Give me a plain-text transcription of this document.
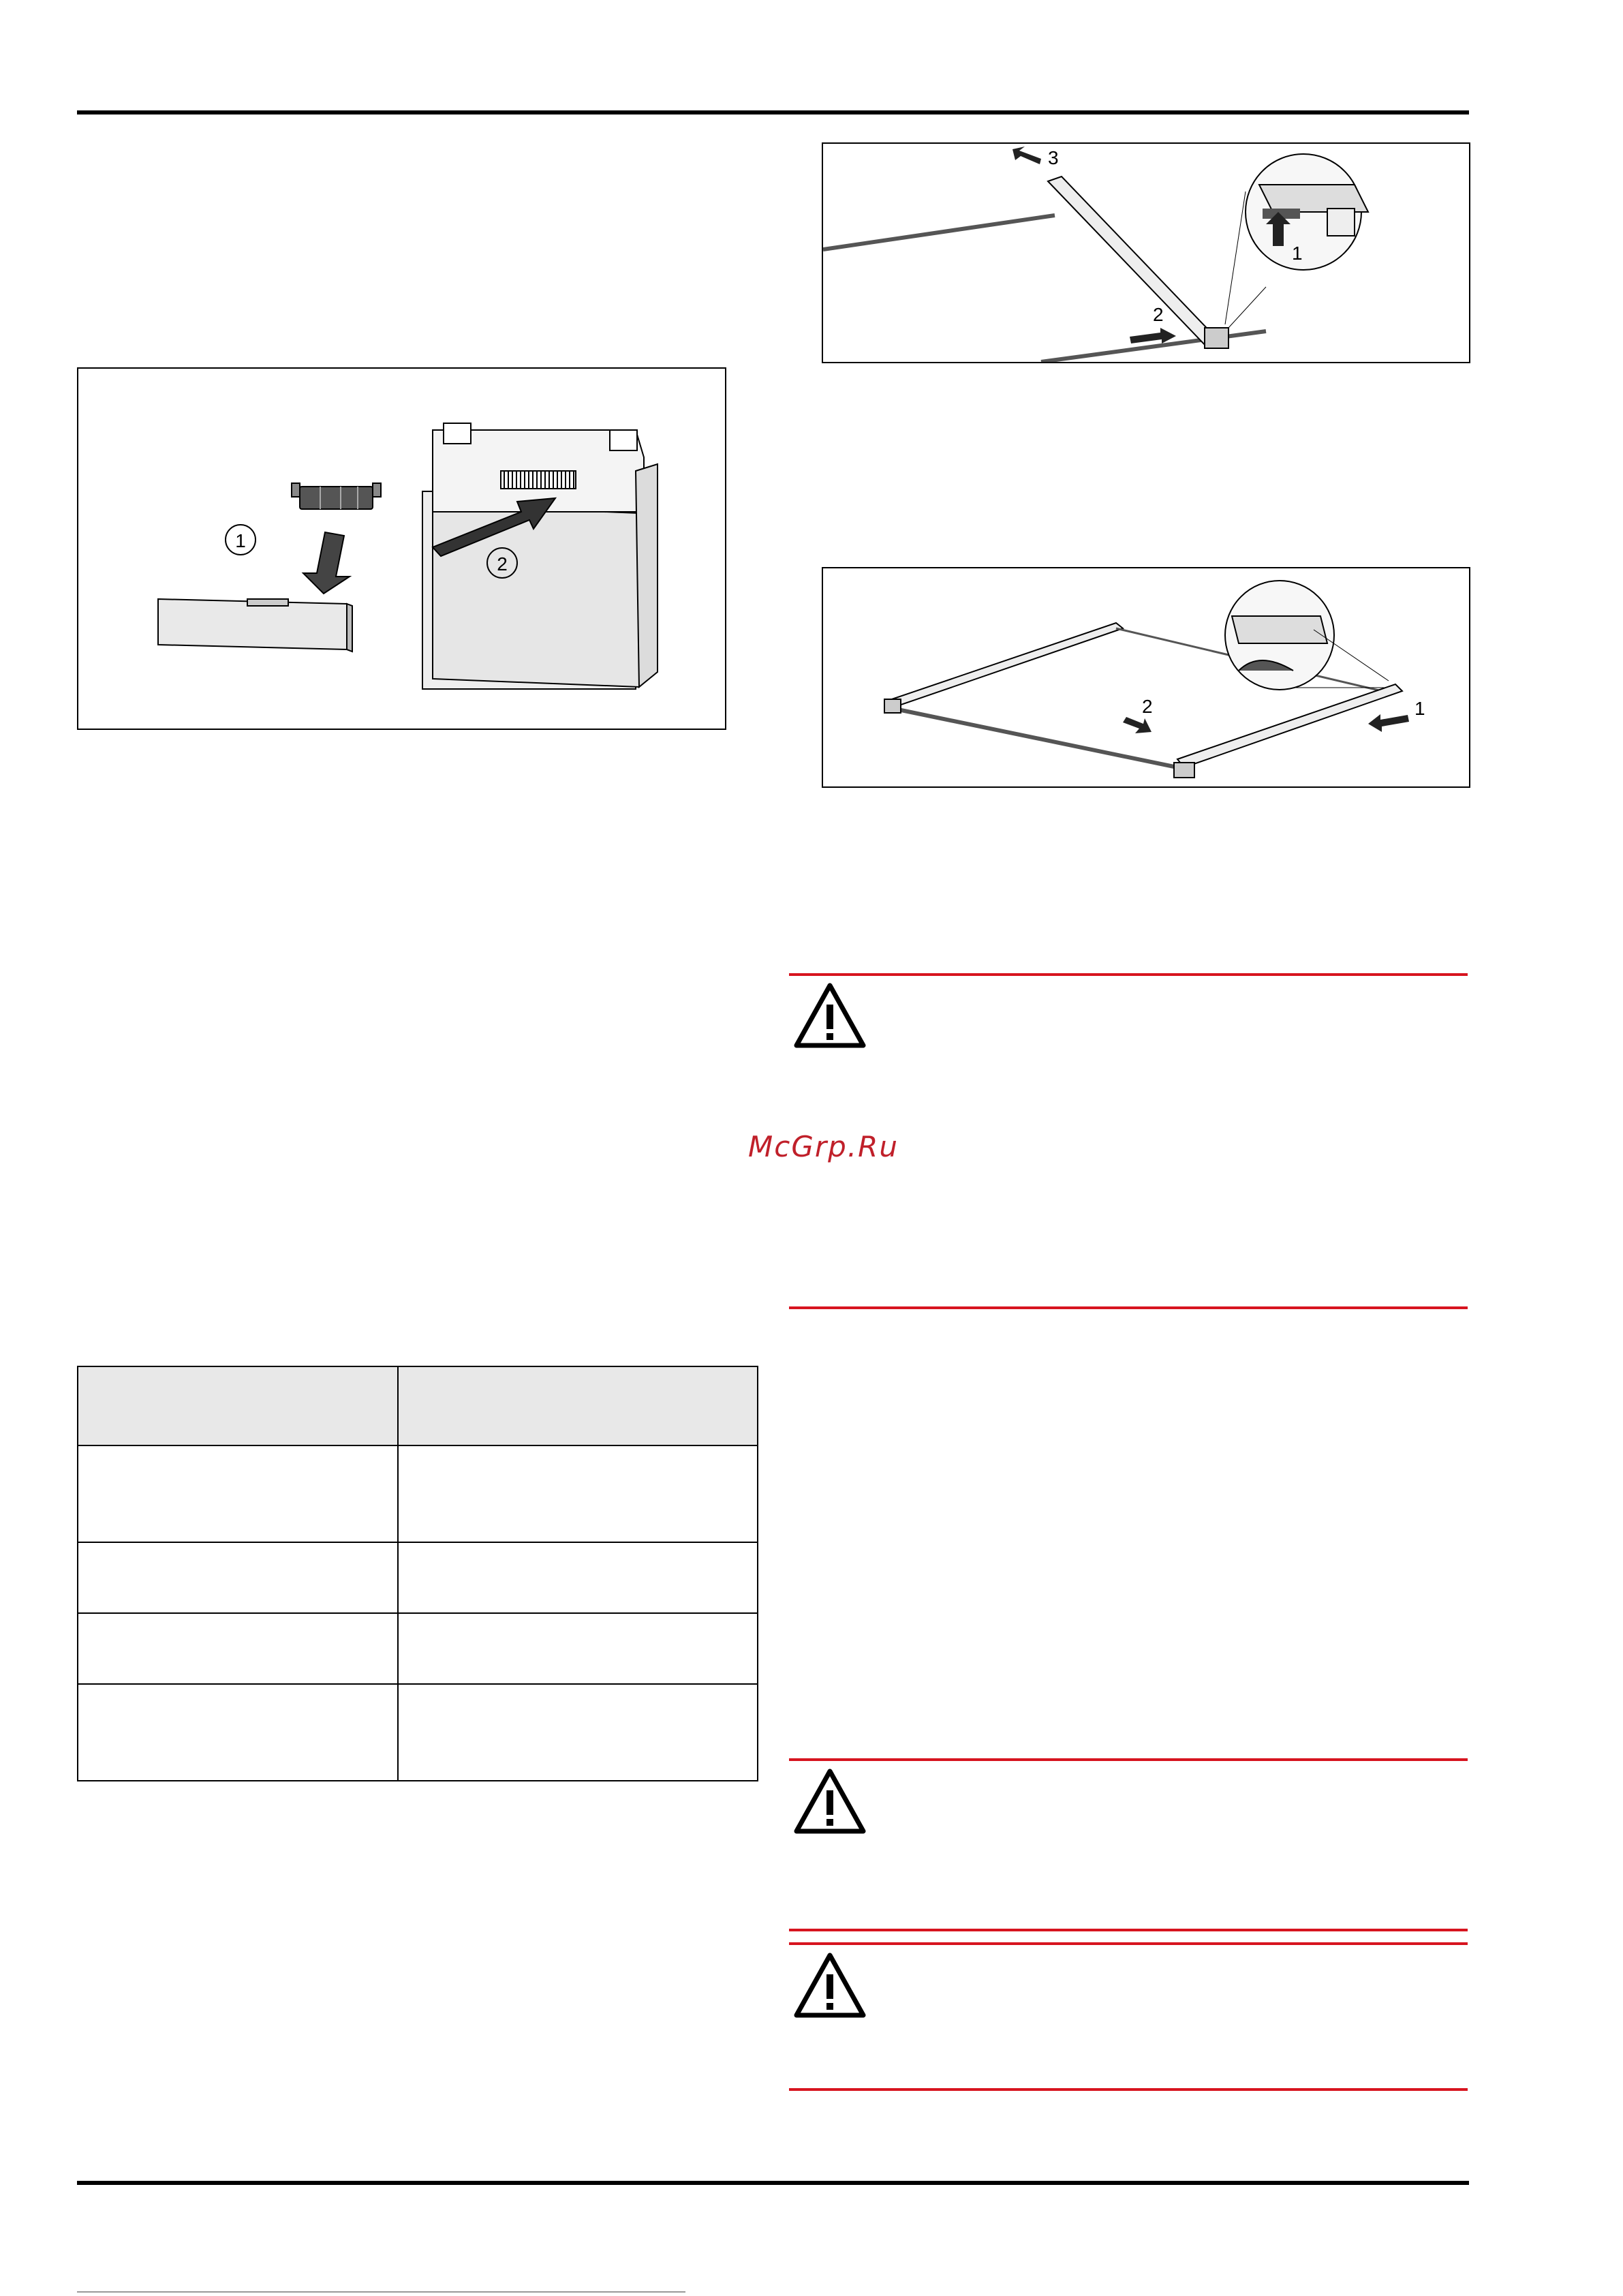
1
2
3
1
2
1
2
McGrp.Ru
